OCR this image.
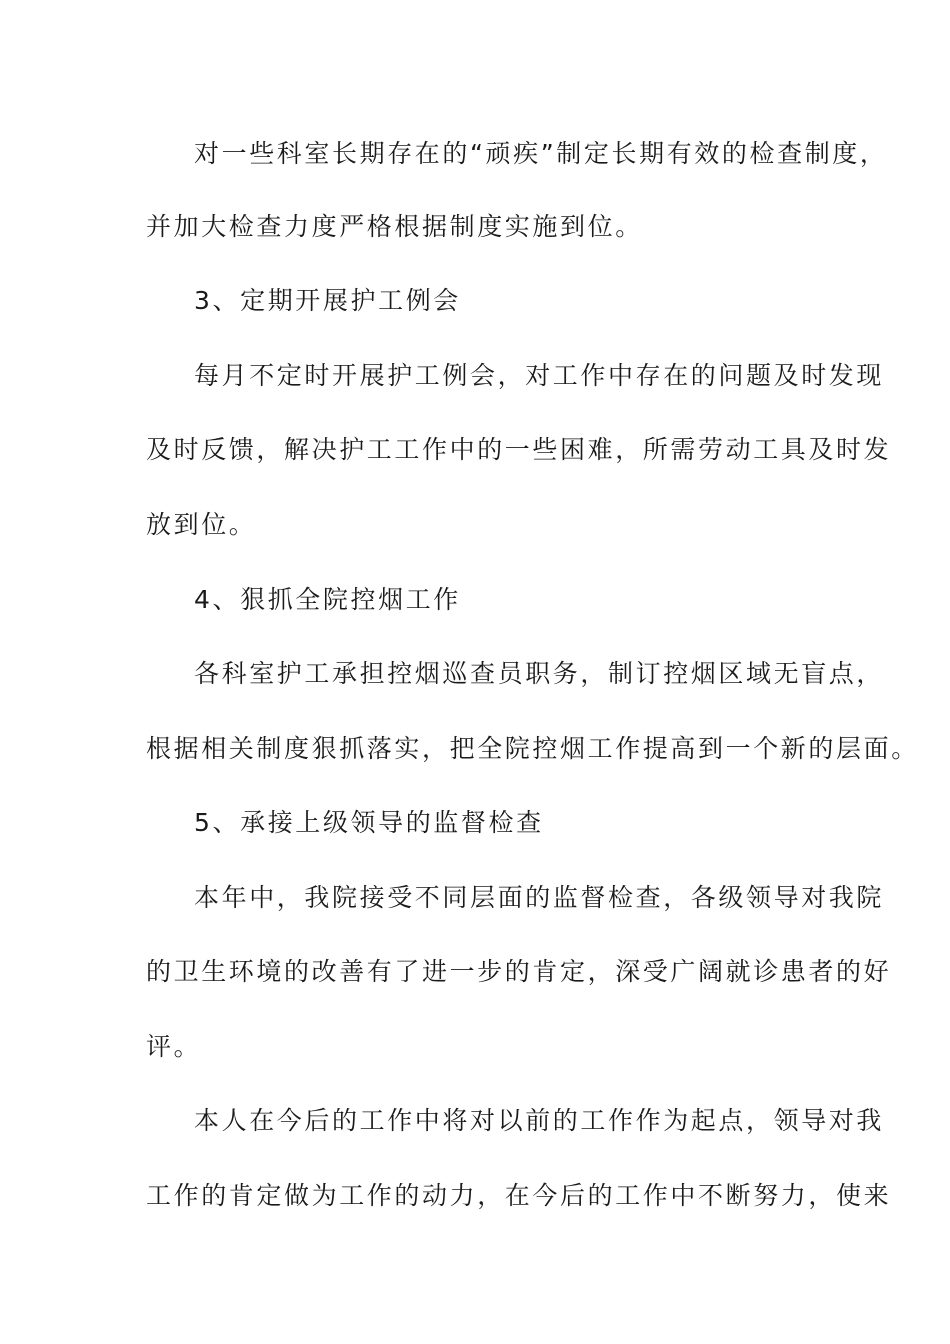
对一些科室长期存在的“顽疾”制定长期有效的检查制度，
并加大检查力度严格根据制度实施到位。
3、定期开展护工例会
每月不定时开展护工例会，对工作中存在的问题及时发现
及时反馈，解决护工工作中的一些困难，所需劳动工具及时发
放到位。
4、狠抓全院控烟工作
各科室护工承担控烟巡查员职务，制订控烟区域无盲点，
根据相关制度狠抓落实，把全院控烟工作提高到一个新的层面。
5、承接上级领导的监督检查
本年中，我院接受不同层面的监督检查，各级领导对我院
的卫生环境的改善有了进一步的肯定，深受广阔就诊患者的好
评。
本人在今后的工作中将对以前的工作作为起点，领导对我
工作的肯定做为工作的动力，在今后的工作中不断努力，使来
